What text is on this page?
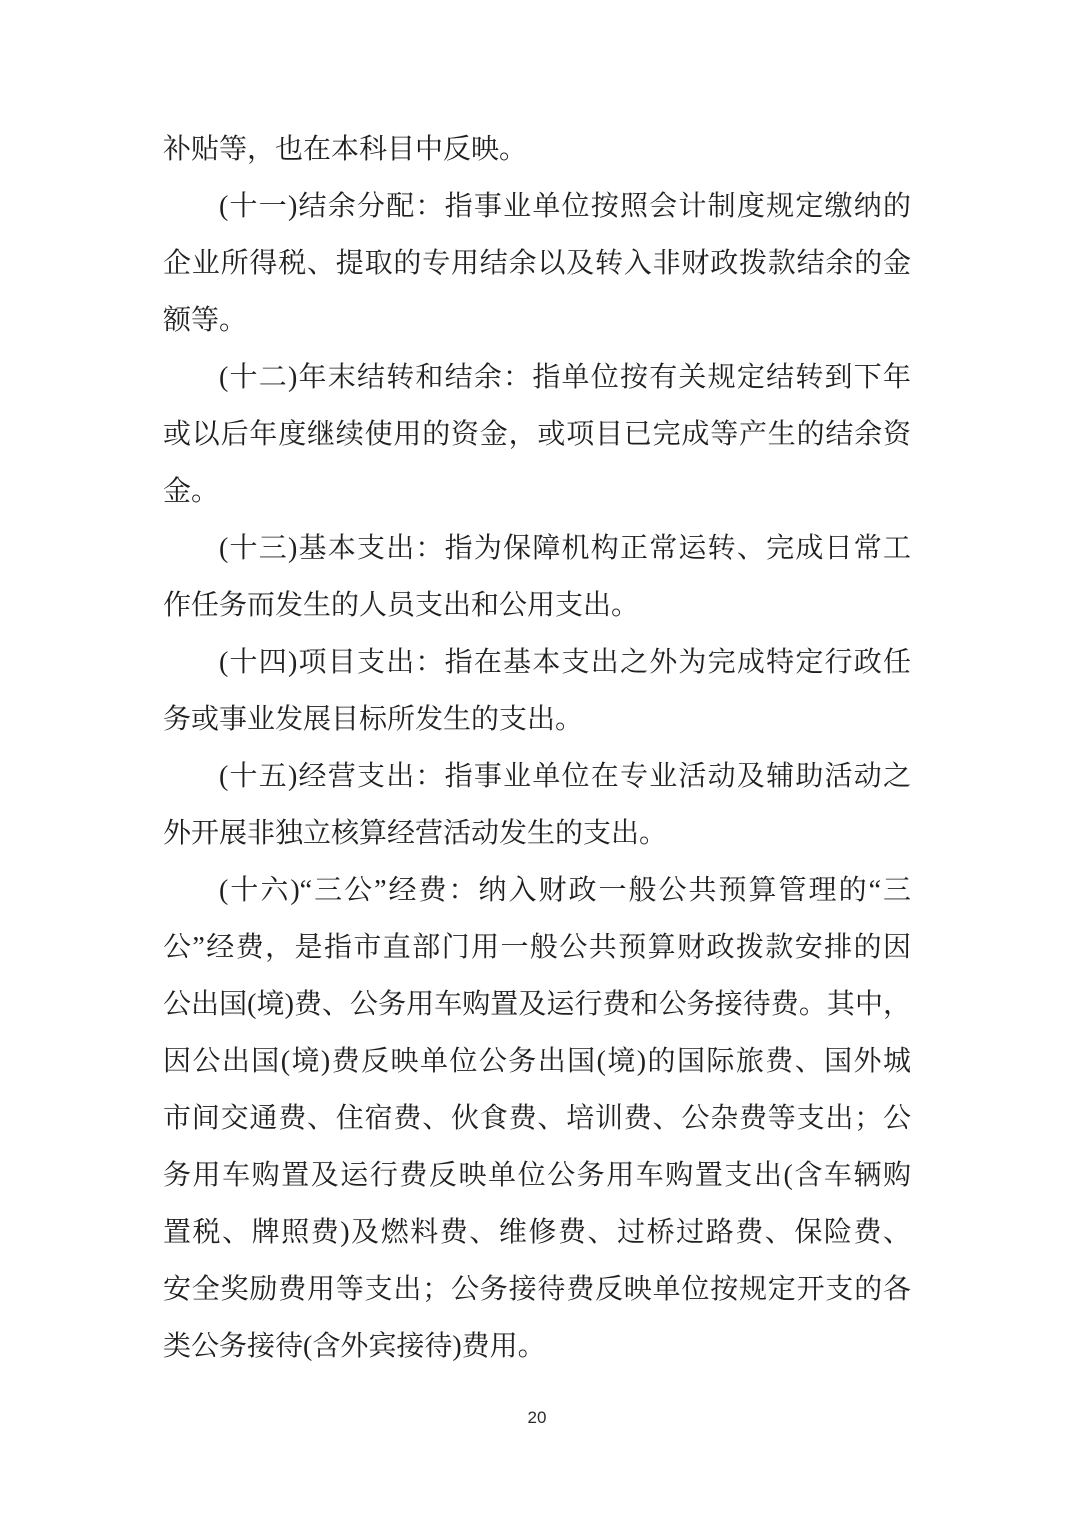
补贴等，也在本科目中反映。
(十一)结余分配：指事业单位按照会计制度规定缴纳的
企业所得税、提取的专用结余以及转入非财政拨款结余的金
额等。
(十二)年末结转和结余：指单位按有关规定结转到下年
或以后年度继续使用的资金，或项目已完成等产生的结余资
金。
(十三)基本支出：指为保障机构正常运转、完成日常工
作任务而发生的人员支出和公用支出。
(十四)项目支出：指在基本支出之外为完成特定行政任
务或事业发展目标所发生的支出。
(十五)经营支出：指事业单位在专业活动及辅助活动之
外开展非独立核算经营活动发生的支出。
(十六)“三公”经费：纳入财政一般公共预算管理的“三
公”经费，是指市直部门用一般公共预算财政拨款安排的因
公出国(境)费、公务用车购置及运行费和公务接待费。其中，
因公出国(境)费反映单位公务出国(境)的国际旅费、国外城
市间交通费、住宿费、伙食费、培训费、公杂费等支出；公
务用车购置及运行费反映单位公务用车购置支出(含车辆购
置税、牌照费)及燃料费、维修费、过桥过路费、保险费、
安全奖励费用等支出；公务接待费反映单位按规定开支的各
类公务接待(含外宾接待)费用。
20
